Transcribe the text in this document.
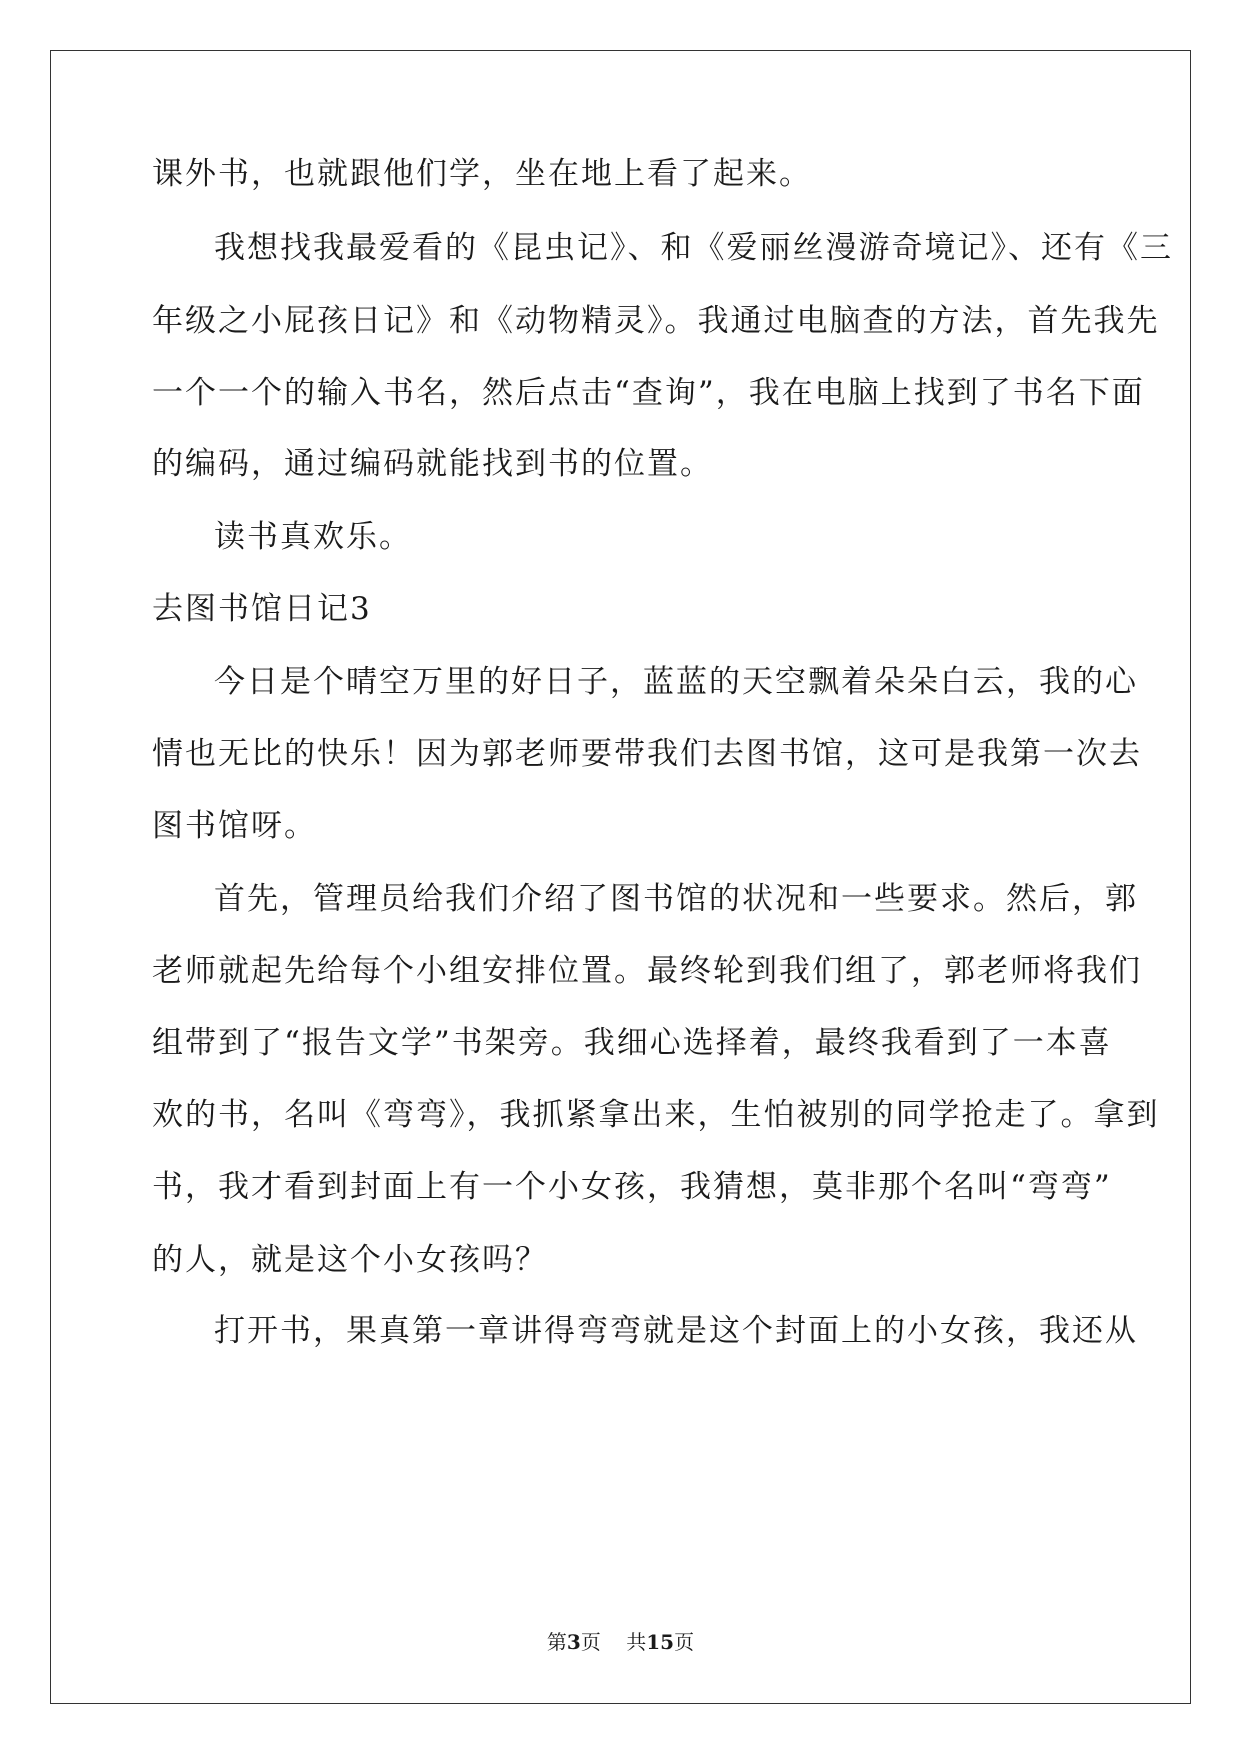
课外书，也就跟他们学，坐在地上看了起来。
我想找我最爱看的《昆虫记》、和《爱丽丝漫游奇境记》、还有《三
年级之小屁孩日记》和《动物精灵》。我通过电脑查的方法，首先我先
一个一个的输入书名，然后点击“查询”，我在电脑上找到了书名下面
的编码，通过编码就能找到书的位置。
读书真欢乐。
去图书馆日记3
今日是个晴空万里的好日子，蓝蓝的天空飘着朵朵白云，我的心
情也无比的快乐！因为郭老师要带我们去图书馆，这可是我第一次去
图书馆呀。
首先，管理员给我们介绍了图书馆的状况和一些要求。然后，郭
老师就起先给每个小组安排位置。最终轮到我们组了，郭老师将我们
组带到了“报告文学”书架旁。我细心选择着，最终我看到了一本喜
欢的书，名叫《弯弯》，我抓紧拿出来，生怕被别的同学抢走了。拿到
书，我才看到封面上有一个小女孩，我猜想，莫非那个名叫“弯弯”
的人，就是这个小女孩吗？
打开书，果真第一章讲得弯弯就是这个封面上的小女孩，我还从
第3页 共15页
